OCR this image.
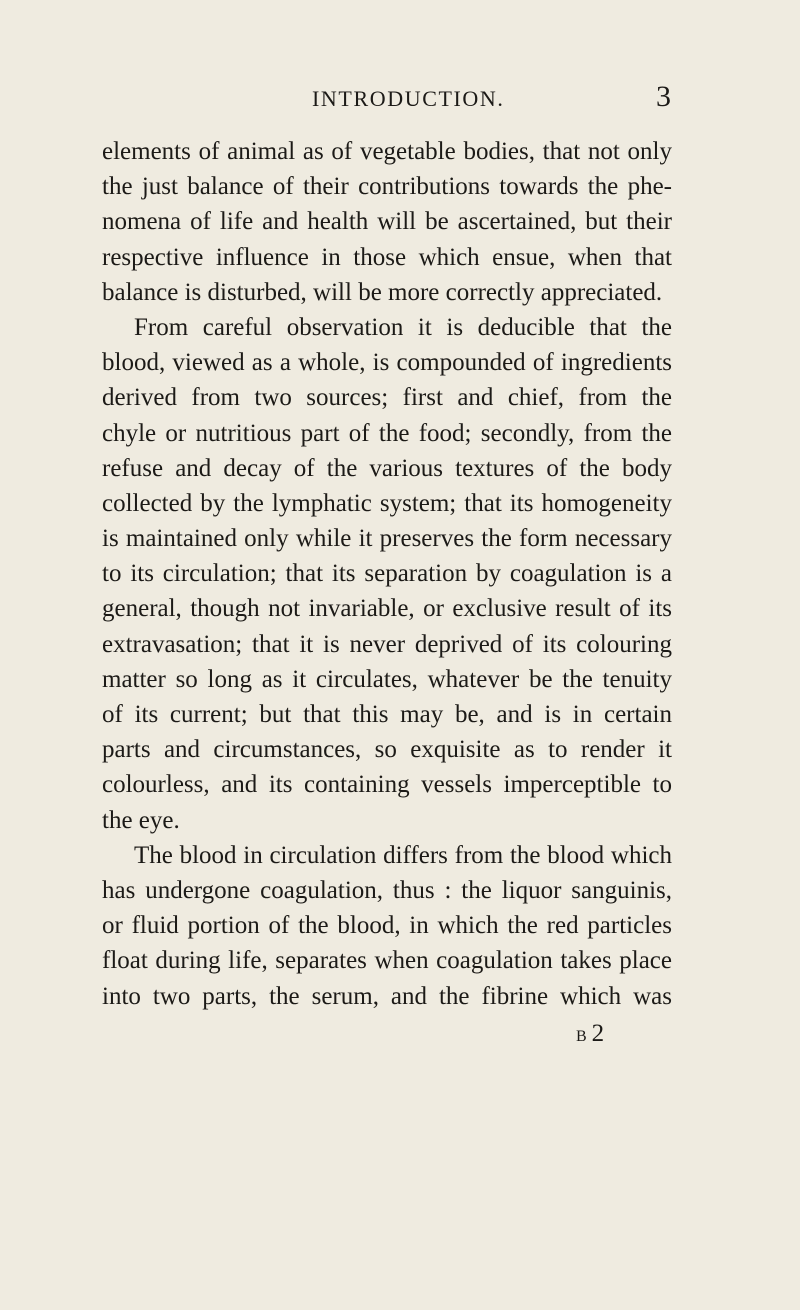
INTRODUCTION.	3
elements of animal as of vegetable bodies, that not only
the just balance of their contributions towards the phe-
nomena of life and health will be ascertained, but their
respective influence in those which ensue, when that
balance is disturbed, will be more correctly appreciated.
From careful observation it is deducible that the
blood, viewed as a whole, is compounded of ingredients
derived from two sources; first and chief, from the
chyle or nutritious part of the food; secondly, from the
refuse and decay of the various textures of the body
collected by the lymphatic system; that its homogeneity
is maintained only while it preserves the form necessary
to its circulation; that its separation by coagulation is a
general, though not invariable, or exclusive result of its
extravasation; that it is never deprived of its colouring
matter so long as it circulates, whatever be the tenuity
of its current; but that this may be, and is in certain
parts and circumstances, so exquisite as to render it
colourless, and its containing vessels imperceptible to
the eye.
The blood in circulation differs from the blood which
has undergone coagulation, thus : the liquor sanguinis,
or fluid portion of the blood, in which the red particles
float during life, separates when coagulation takes place
into two parts, the serum, and the fibrine which was
B 2
